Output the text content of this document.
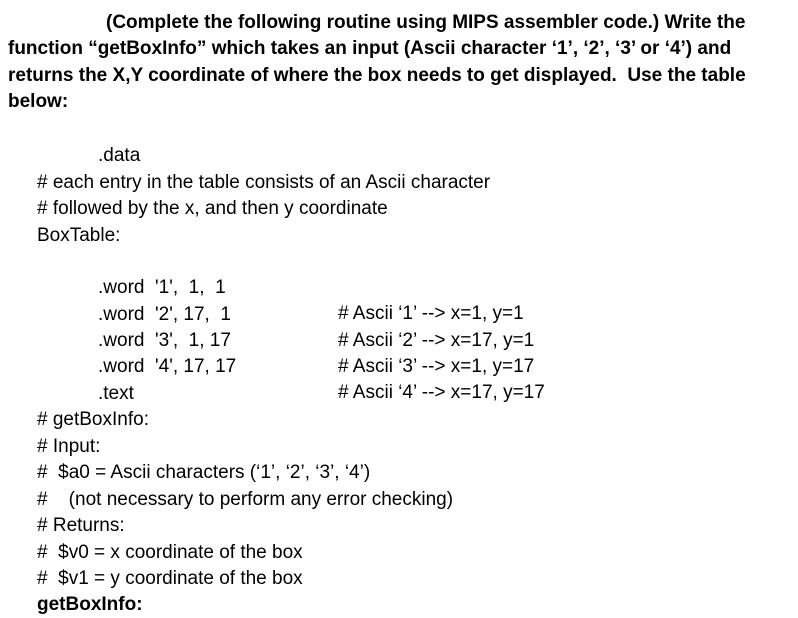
(Complete the following routine using MIPS assembler code.) Write the
function “getBoxInfo” which takes an input (Ascii character ‘1’, ‘2’, ‘3’ or ‘4’) and
returns the X,Y coordinate of where the box needs to get displayed.  Use the table
below:
.data
# each entry in the table consists of an Ascii character
# followed by the x, and then y coordinate
BoxTable:

.word  '1',  1,  1

# Ascii ‘1’ --> x=1, y=1

.word  '2', 17,  1

# Ascii ‘2’ --> x=17, y=1

.word  '3',  1, 17

# Ascii ‘3’ --> x=1, y=17

.word  '4', 17, 17

# Ascii ‘4’ --> x=17, y=17

.text
# getBoxInfo:
# Input:
#  $a0 = Ascii characters (‘1’, ‘2’, ‘3’, ‘4’)
#    (not necessary to perform any error checking)
# Returns:
#  $v0 = x coordinate of the box
#  $v1 = y coordinate of the box
getBoxInfo:
